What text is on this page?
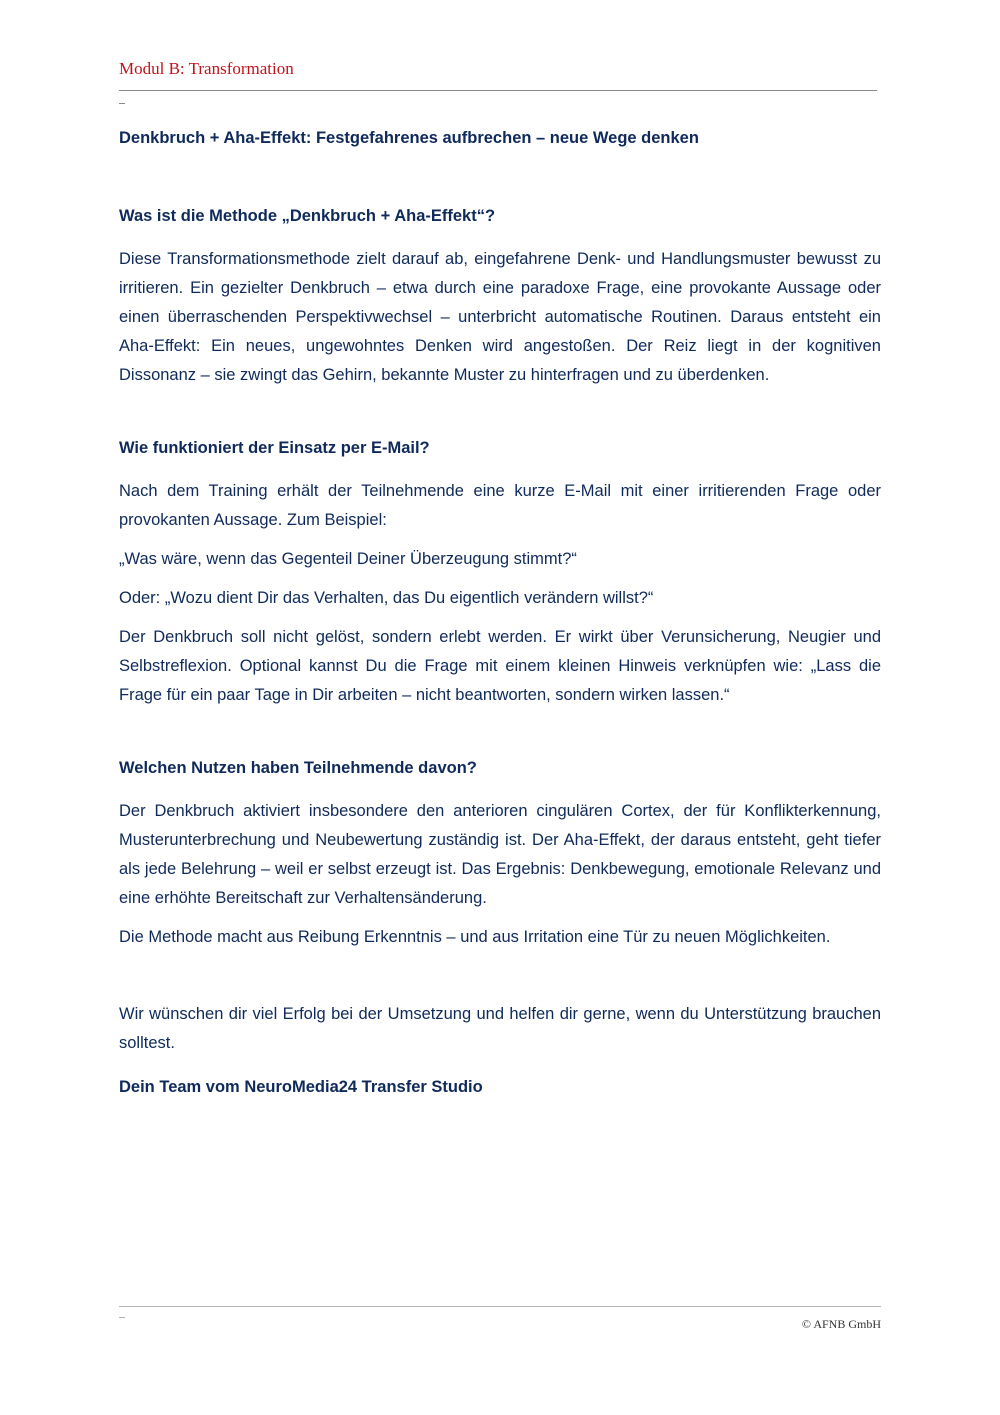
Modul B: Transformation
Denkbruch + Aha-Effekt: Festgefahrenes aufbrechen – neue Wege denken
Was ist die Methode „Denkbruch + Aha-Effekt“?

Diese Transformationsmethode zielt darauf ab, eingefahrene Denk- und Handlungsmuster bewusst zu irritieren. Ein gezielter Denkbruch – etwa durch eine paradoxe Frage, eine provokante Aussage oder einen überraschenden Perspektivwechsel – unterbricht automatische Routinen. Daraus entsteht ein Aha-Effekt: Ein neues, ungewohntes Denken wird angestoßen. Der Reiz liegt in der kognitiven Dissonanz – sie zwingt das Gehirn, bekannte Muster zu hinterfragen und zu überdenken.

Wie funktioniert der Einsatz per E-Mail?

Nach dem Training erhält der Teilnehmende eine kurze E-Mail mit einer irritierenden Frage oder provokanten Aussage. Zum Beispiel:

„Was wäre, wenn das Gegenteil Deiner Überzeugung stimmt?“

Oder: „Wozu dient Dir das Verhalten, das Du eigentlich verändern willst?“

Der Denkbruch soll nicht gelöst, sondern erlebt werden. Er wirkt über Verunsicherung, Neugier und Selbstreflexion. Optional kannst Du die Frage mit einem kleinen Hinweis verknüpfen wie: „Lass die Frage für ein paar Tage in Dir arbeiten – nicht beantworten, sondern wirken lassen.“

Welchen Nutzen haben Teilnehmende davon?

Der Denkbruch aktiviert insbesondere den anterioren cingulären Cortex, der für Konflikterkennung, Musterunterbrechung und Neubewertung zuständig ist. Der Aha-Effekt, der daraus entsteht, geht tiefer als jede Belehrung – weil er selbst erzeugt ist. Das Ergebnis: Denkbewegung, emotionale Relevanz und eine erhöhte Bereitschaft zur Verhaltensänderung.

Die Methode macht aus Reibung Erkenntnis – und aus Irritation eine Tür zu neuen Möglichkeiten.

Wir wünschen dir viel Erfolg bei der Umsetzung und helfen dir gerne, wenn du Unterstützung brauchen solltest.

Dein Team vom NeuroMedia24 Transfer Studio
© AFNB GmbH
